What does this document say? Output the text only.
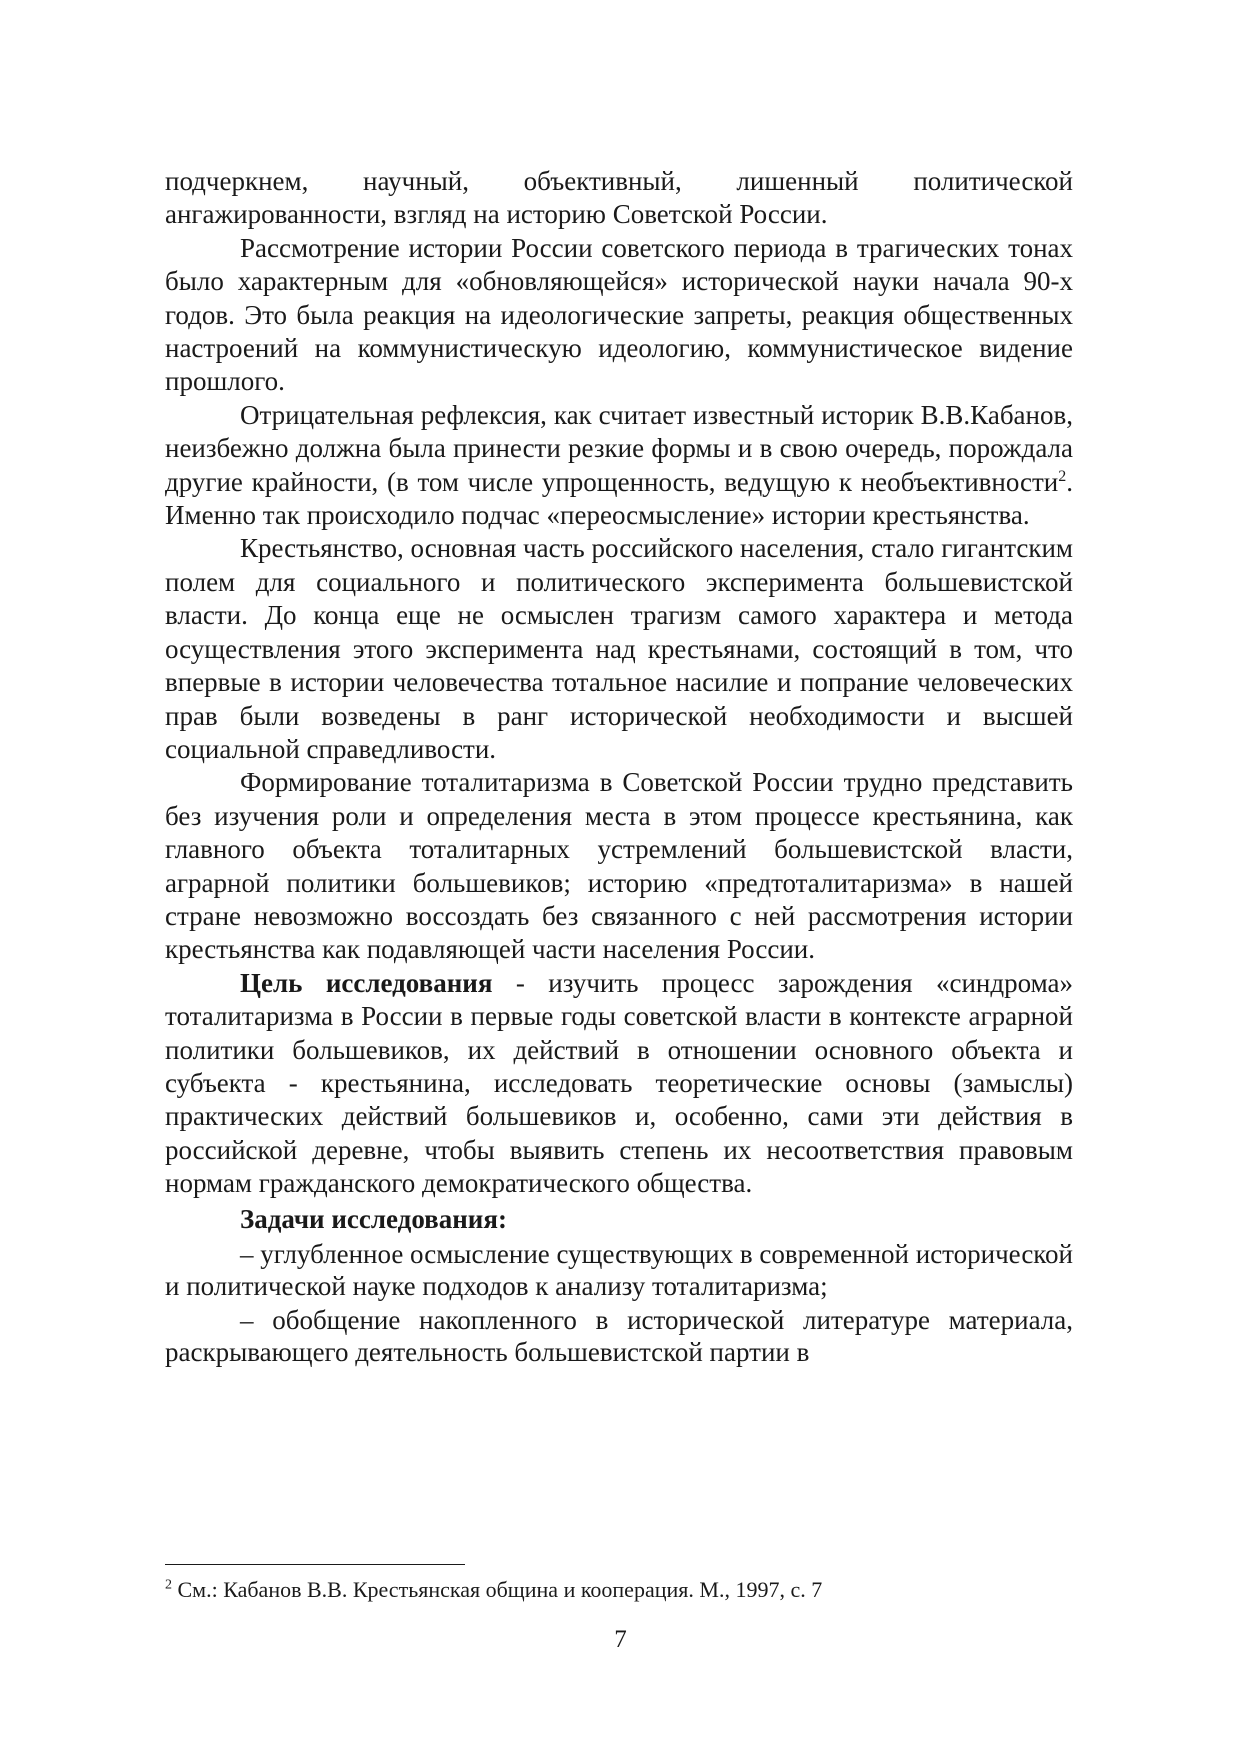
подчеркнем, научный, объективный, лишенный политической ангажированности, взгляд на историю Советской России.

Рассмотрение истории России советского периода в трагических тонах было характерным для «обновляющейся» исторической науки начала 90-х годов. Это была реакция на идеологические запреты, реакция общественных настроений на коммунистическую идеологию, коммунистическое видение прошлого.

Отрицательная рефлексия, как считает известный историк В.В.Кабанов, неизбежно должна была принести резкие формы и в свою очередь, порождала другие крайности, (в том числе упрощенность, ведущую к необъективности$^2$. Именно так происходило подчас «переосмысление» истории крестьянства.

Крестьянство, основная часть российского населения, стало гигантским полем для социального и политического эксперимента большевистской власти. До конца еще не осмыслен трагизм самого характера и метода осуществления этого эксперимента над крестьянами, состоящий в том, что впервые в истории человечества тотальное насилие и попрание человеческих прав были возведены в ранг исторической необходимости и высшей социальной справедливости.

Формирование тоталитаризма в Советской России трудно представить без изучения роли и определения места в этом процессе крестьянина, как главного объекта тоталитарных устремлений большевистской власти, аграрной политики большевиков; историю «предтоталитаризма» в нашей стране невозможно воссоздать без связанного с ней рассмотрения истории крестьянства как подавляющей части населения России.

Цель исследования - изучить процесс зарождения «синдрома» тоталитаризма в России в первые годы советской власти в контексте аграрной политики большевиков, их действий в отношении основного объекта и субъекта - крестьянина, исследовать теоретические основы (замыслы) практических действий большевиков и, особенно, сами эти действия в российской деревне, чтобы выявить степень их несоответствия правовым нормам гражданского демократического общества.

Задачи исследования:

– углубленное осмысление существующих в современной исторической и политической науке подходов к анализу тоталитаризма;

– обобщение накопленного в исторической литературе материала, раскрывающего деятельность большевистской партии в

$^2$ См.: Кабанов В.В. Крестьянская община и кооперация. М., 1997, с. 7
7
